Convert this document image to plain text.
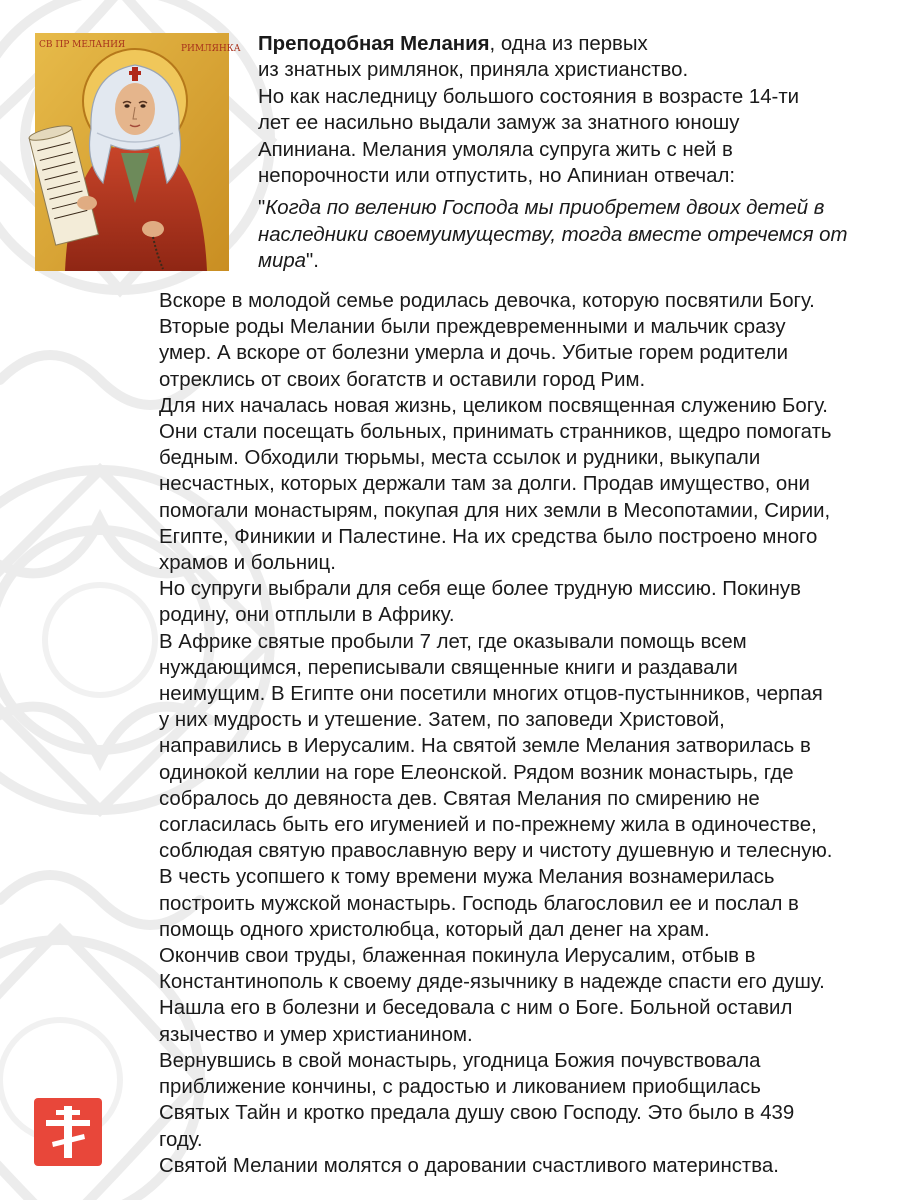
СВ ПР МЕЛАНИЯ	РИМЛЯНКА Преподобная Мелания, одна из первых

из знатных римлянок, приняла христианство.

Но как наследницу большого состояния в возрасте 14-ти

лет ее насильно выдали замуж за знатного юношу

Апиниана. Мелания умоляла супруга жить с ней в

непорочности или отпустить, но Апиниан отвечал:

"Когда по велению Господа мы приобретем двоих детей в наследники своемуимуществу, тогда вместе отречемся от мира".

Вскоре в молодой семье родилась девочка, которую посвятили Богу.

Вторые роды Мелании были преждевременными и мальчик сразу

умер. А вскоре от болезни умерла и дочь. Убитые горем родители

отреклись от своих богатств и оставили город Рим.

Для них началась новая жизнь, целиком посвященная служению Богу.

Они стали посещать больных, принимать странников, щедро помогать

бедным. Обходили тюрьмы, места ссылок и рудники, выкупали

несчастных, которых держали там за долги. Продав имущество, они

помогали монастырям, покупая для них земли в Месопотамии, Сирии,

Египте, Финикии и Палестине. На их средства было построено много

храмов и больниц.

Но супруги выбрали для себя еще более трудную миссию. Покинув

родину, они отплыли в Африку.

В Африке святые пробыли 7 лет, где оказывали помощь всем

нуждающимся, переписывали священные книги и раздавали

неимущим. В Египте они посетили многих отцов-пустынников, черпая

у них мудрость и утешение. Затем, по заповеди Христовой,

направились в Иерусалим. На святой земле Мелания затворилась в

одинокой келлии на горе Елеонской. Рядом возник монастырь, где

собралось до девяноста дев. Святая Мелания по смирению не

согласилась быть его игуменией и по-прежнему жила в одиночестве,

соблюдая святую православную веру и чистоту душевную и телесную.

В честь усопшего к тому времени мужа Мелания вознамерилась

построить мужской монастырь. Господь благословил ее и послал в

помощь одного христолюбца, который дал денег на храм.

Окончив свои труды, блаженная покинула Иерусалим, отбыв в

Константинополь к своему дяде-язычнику в надежде спасти его душу.

Нашла его в болезни и беседовала с ним о Боге. Больной оставил

язычество и умер христианином.

Вернувшись в свой монастырь, угодница Божия почувствовала

приближение кончины, с радостью и ликованием приобщилась

Святых Тайн и кротко предала душу свою Господу. Это было в 439

году.

Святой Мелании молятся о даровании счастливого материнства.
